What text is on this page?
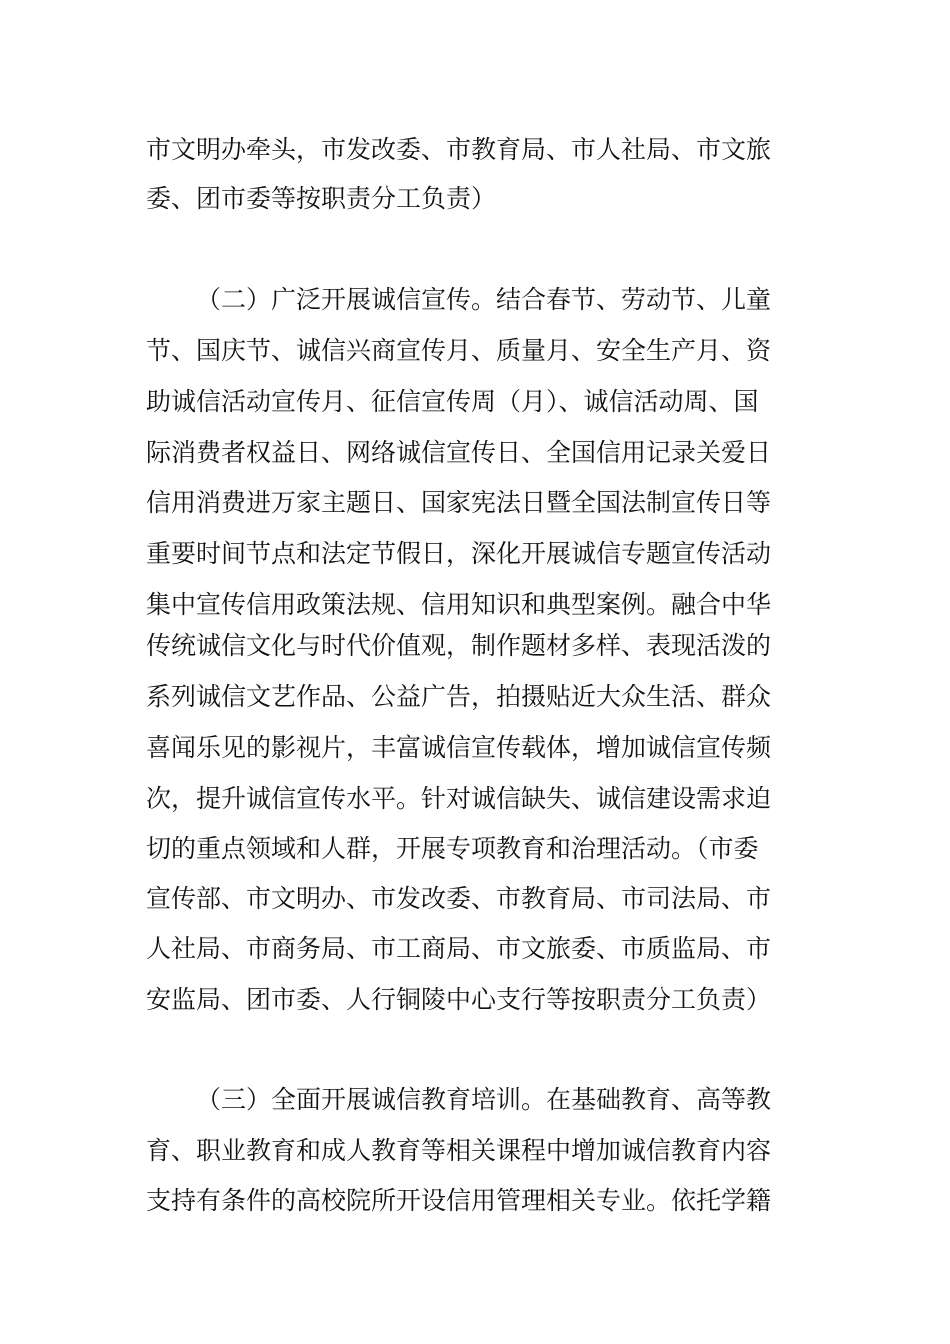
市文明办牵头，市发改委、市教育局、市人社局、市文旅
委、团市委等按职责分工负责）
（二）广泛开展诚信宣传。结合春节、劳动节、儿童
节、国庆节、诚信兴商宣传月、质量月、安全生产月、资
助诚信活动宣传月、征信宣传周（月）、诚信活动周、国
际消费者权益日、网络诚信宣传日、全国信用记录关爱日
信用消费进万家主题日、国家宪法日暨全国法制宣传日等
重要时间节点和法定节假日，深化开展诚信专题宣传活动
集中宣传信用政策法规、信用知识和典型案例。融合中华
传统诚信文化与时代价值观，制作题材多样、表现活泼的
系列诚信文艺作品、公益广告，拍摄贴近大众生活、群众
喜闻乐见的影视片，丰富诚信宣传载体，增加诚信宣传频
次，提升诚信宣传水平。针对诚信缺失、诚信建设需求迫
切的重点领域和人群，开展专项教育和治理活动。（市委
宣传部、市文明办、市发改委、市教育局、市司法局、市
人社局、市商务局、市工商局、市文旅委、市质监局、市
安监局、团市委、人行铜陵中心支行等按职责分工负责）
（三）全面开展诚信教育培训。在基础教育、高等教
育、职业教育和成人教育等相关课程中增加诚信教育内容
支持有条件的高校院所开设信用管理相关专业。依托学籍
